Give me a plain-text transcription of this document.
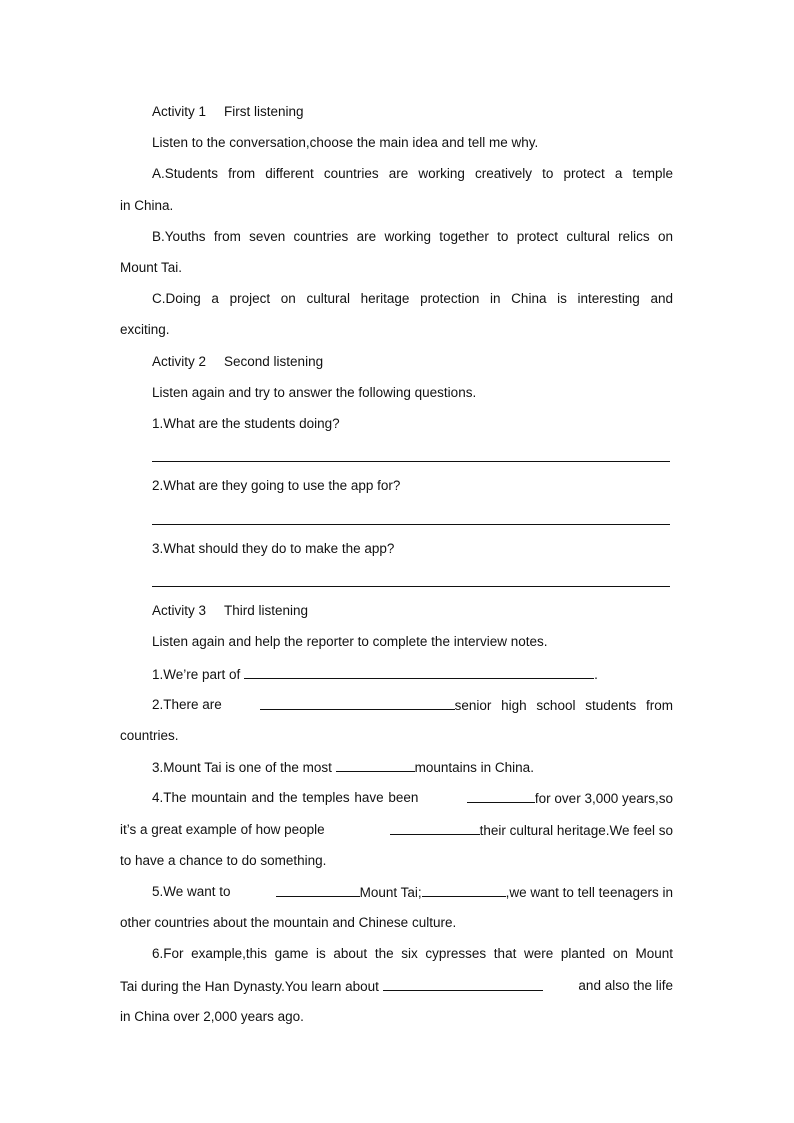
Activity 1 First listening
Listen to the conversation,choose the main idea and tell me why.
A.Students from different countries are working creatively to protect a temple
in China.
B.Youths from seven countries are working together to protect cultural relics on
Mount Tai.
C.Doing a project on cultural heritage protection in China is interesting and
exciting.
Activity 2 Second listening
Listen again and try to answer the following questions.
1.What are the students doing?
2.What are they going to use the app for?
3.What should they do to make the app?
Activity 3 Third listening
Listen again and help the reporter to complete the interview notes.
1.We’re part of	.
2.There are	senior high school students from
countries.
3.Mount Tai is one of the most	mountains in China.
4.The mountain and the temples have been	for over 3,000 years,so
it’s a great example of how people	their cultural heritage.We feel so
to have a chance to do something.
5.We want to	Mount Tai;	,we want to tell teenagers in
other countries about the mountain and Chinese culture.
6.For example,this game is about the six cypresses that were planted on Mount
Tai during the Han Dynasty.You learn about	and also the life
in China over 2,000 years ago.
